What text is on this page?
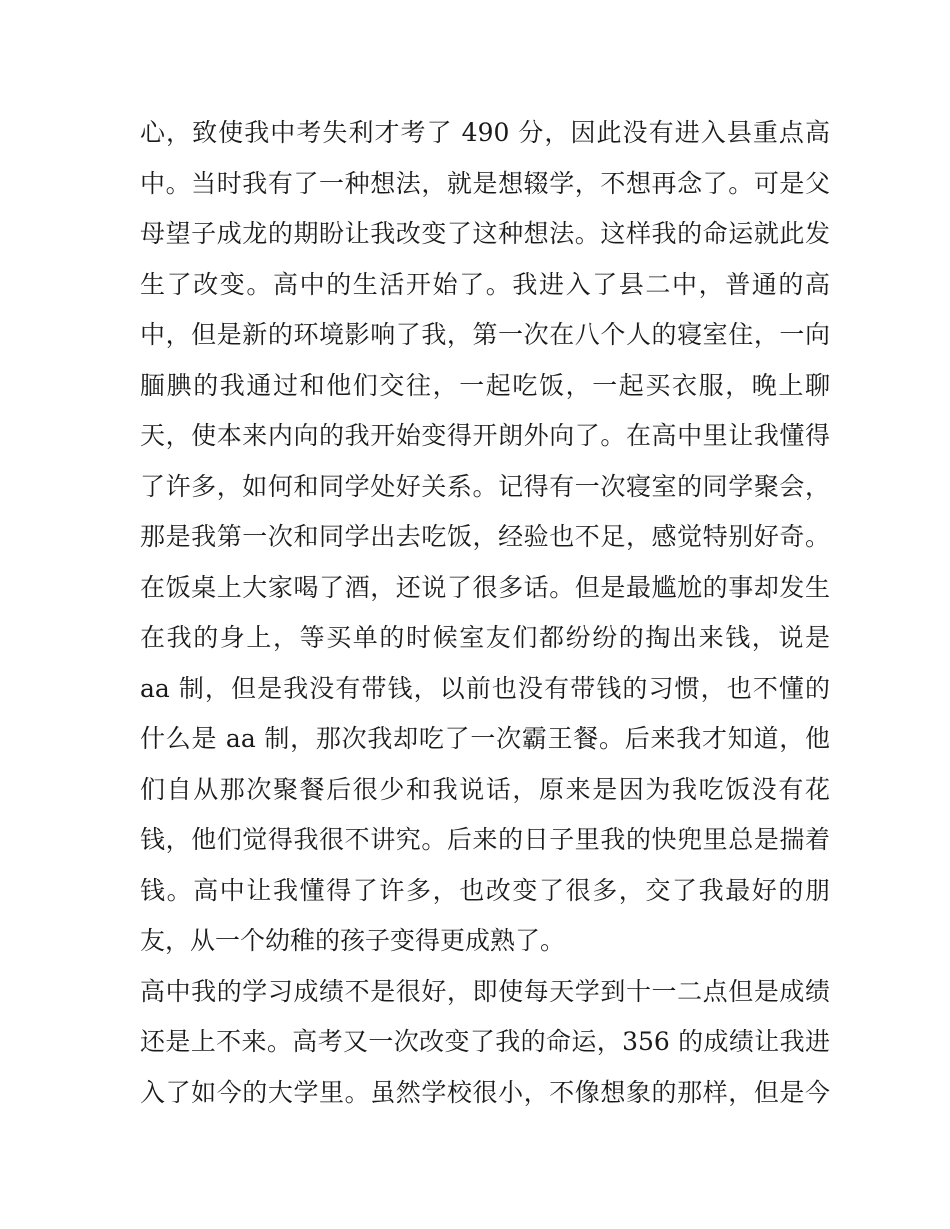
心，致使我中考失利才考了 490 分，因此没有进入县重点高
中。当时我有了一种想法，就是想辍学，不想再念了。可是父
母望子成龙的期盼让我改变了这种想法。这样我的命运就此发
生了改变。高中的生活开始了。我进入了县二中，普通的高
中，但是新的环境影响了我，第一次在八个人的寝室住，一向
腼腆的我通过和他们交往，一起吃饭，一起买衣服，晚上聊
天，使本来内向的我开始变得开朗外向了。在高中里让我懂得
了许多，如何和同学处好关系。记得有一次寝室的同学聚会，
那是我第一次和同学出去吃饭，经验也不足，感觉特别好奇。
在饭桌上大家喝了酒，还说了很多话。但是最尴尬的事却发生
在我的身上，等买单的时候室友们都纷纷的掏出来钱，说是
aa 制，但是我没有带钱，以前也没有带钱的习惯，也不懂的
什么是 aa 制，那次我却吃了一次霸王餐。后来我才知道，他
们自从那次聚餐后很少和我说话，原来是因为我吃饭没有花
钱，他们觉得我很不讲究。后来的日子里我的快兜里总是揣着
钱。高中让我懂得了许多，也改变了很多，交了我最好的朋
友，从一个幼稚的孩子变得更成熟了。
高中我的学习成绩不是很好，即使每天学到十一二点但是成绩
还是上不来。高考又一次改变了我的命运，356 的成绩让我进
入了如今的大学里。虽然学校很小，不像想象的那样，但是今
